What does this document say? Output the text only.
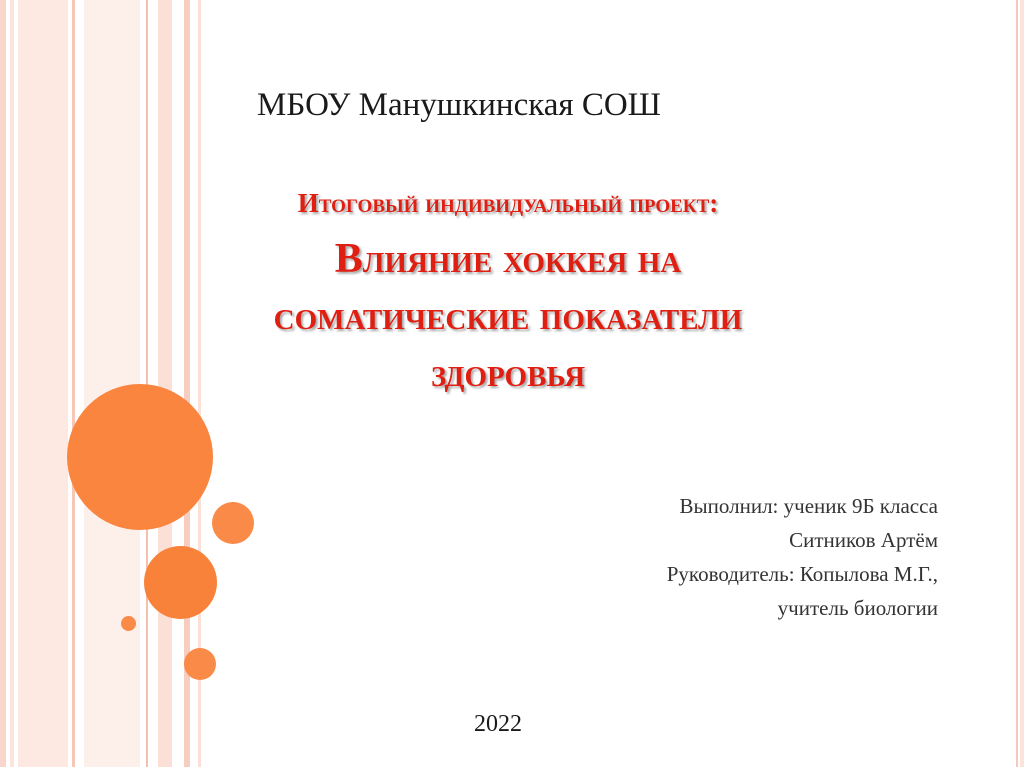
МБОУ Манушкинская СОШ
Итоговый индивидуальный проект:
Влияние хоккея на
соматические показатели
здоровья
Выполнил: ученик 9Б класса
Ситников Артём
Руководитель: Копылова М.Г.,
учитель биологии
2022
